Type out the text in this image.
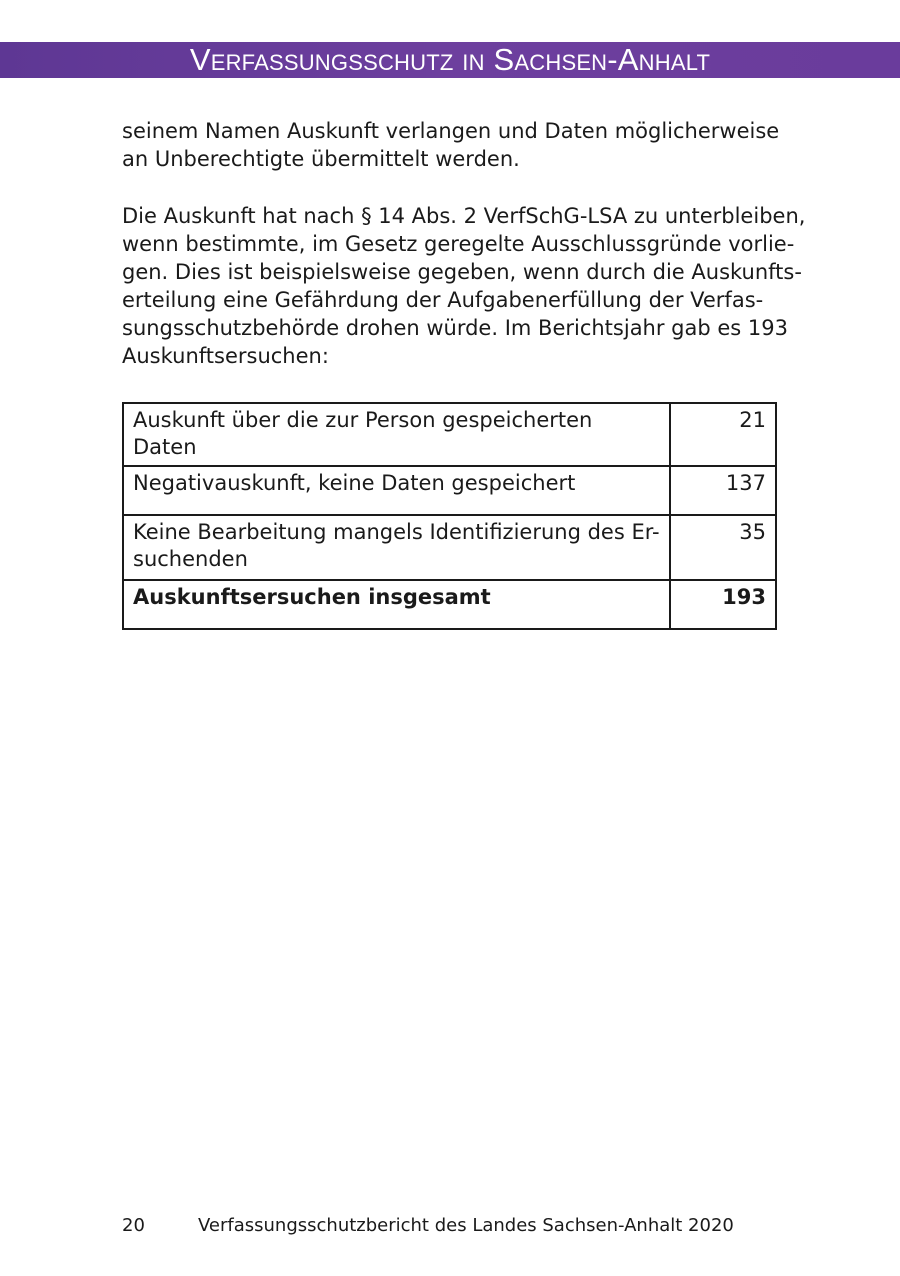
Verfassungsschutz in Sachsen-Anhalt
seinem Namen Auskunft verlangen und Daten möglicherweise
an Unberechtigte übermittelt werden.
Die Auskunft hat nach § 14 Abs. 2 VerfSchG-LSA zu unterbleiben,
wenn bestimmte, im Gesetz geregelte Ausschlussgründe vorlie-
gen. Dies ist beispielsweise gegeben, wenn durch die Auskunfts-
erteilung eine Gefährdung der Aufgabenerfüllung der Verfas-
sungsschutzbehörde drohen würde. Im Berichtsjahr gab es 193
Auskunftsersuchen:
Auskunft über die zur Person gespeicherten Daten	21
Negativauskunft, keine Daten gespeichert	137

Keine Bearbeitung mangels Identifizierung des Er-
suchenden	35
Auskunftsersuchen insgesamt	193
20	Verfassungsschutzbericht des Landes Sachsen-Anhalt 2020
